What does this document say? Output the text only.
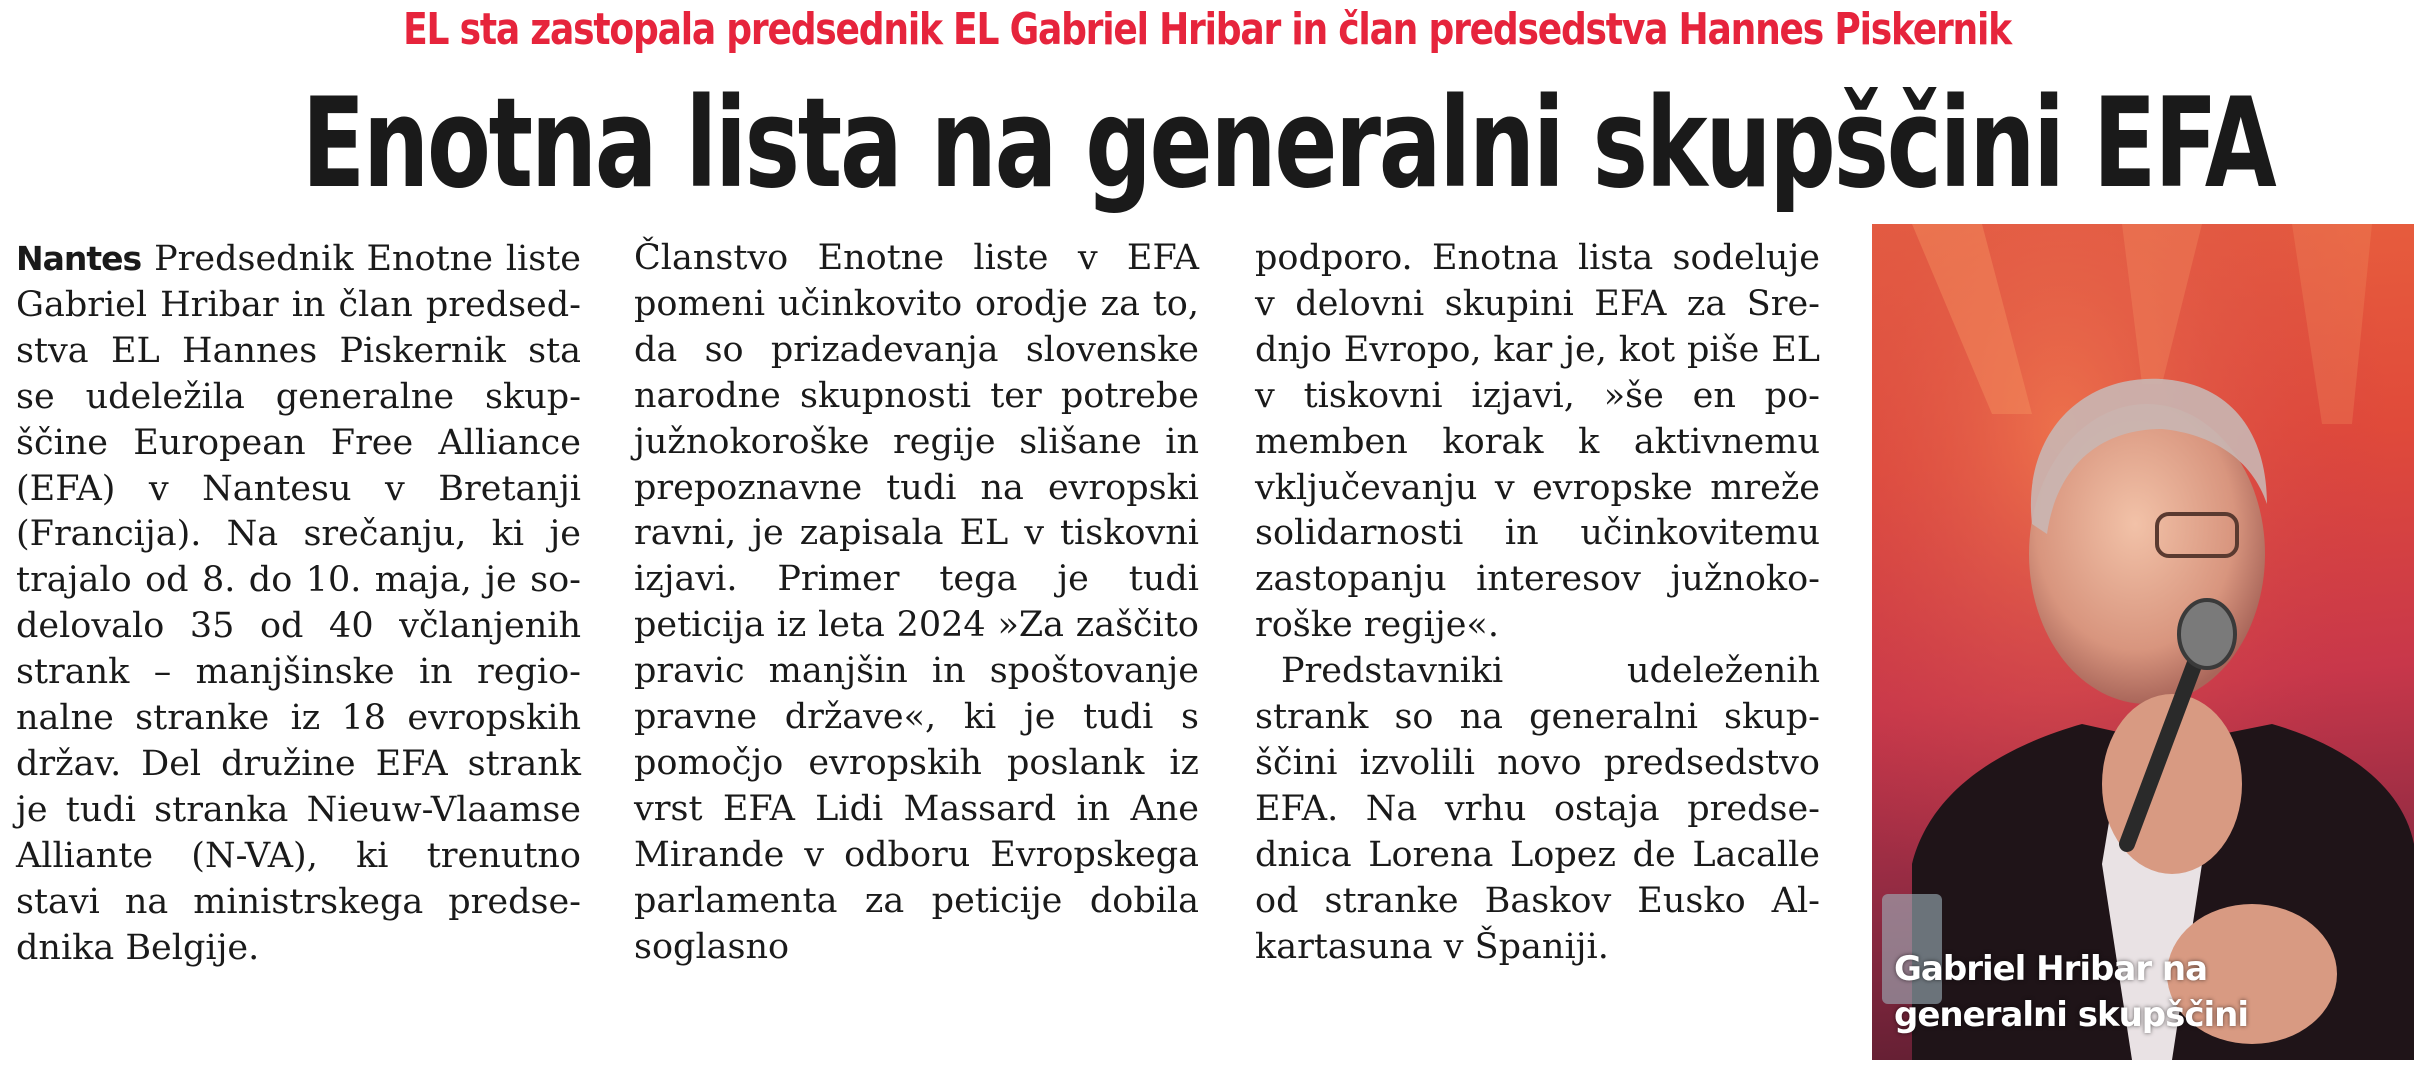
EL sta zastopala predsednik EL Gabriel Hribar in član predsedstva Hannes Piskernik
Enotna lista na generalni skupščini EFA

Nantes Predsednik Enotne liste Gabriel Hribar in član predsedstva EL Hannes Piskernik sta se udeležila generalne skupščine European Free Alliance (EFA) v Nantesu v Bretanji (Francija). Na srečanju, ki je trajalo od 8. do 10. maja, je sodelovalo 35 od 40 včlanjenih strank – manjšinske in regionalne stranke iz 18 evropskih držav. Del družine EFA strank je tudi stranka Nieuw-Vlaamse Alliante (N-VA), ki trenutno stavi na ministrskega predsednika Belgije.

Članstvo Enotne liste v EFA pomeni učinkovito orodje za to, da so prizadevanja slovenske narodne skupnosti ter potrebe južnokoroške regije slišane in prepoznavne tudi na evropski ravni, je zapisala EL v tiskovni izjavi. Primer tega je tudi peticija iz leta 2024 »Za zaščito pravic manjšin in spoštovanje pravne države«, ki je tudi s pomočjo evropskih poslank iz vrst EFA Lidi Massard in Ane Mirande v odboru Evropskega parlamenta za peticije dobila soglasno

podporo. Enotna lista sodeluje v delovni skupini EFA za Srednjo Evropo, kar je, kot piše EL v tiskovni izjavi, »še en pomemben korak k aktivnemu vključevanju v evropske mreže solidarnosti in učinkovitemu zastopanju interesov južnokoroške regije«.

Predstavniki udeleženih strank so na generalni skupščini izvolili novo predsedstvo EFA. Na vrhu ostaja predsednica Lorena Lopez de Lacalle od stranke Baskov Eusko Alkartasuna v Španiji.

Gabriel Hribar na generalni skupščini
